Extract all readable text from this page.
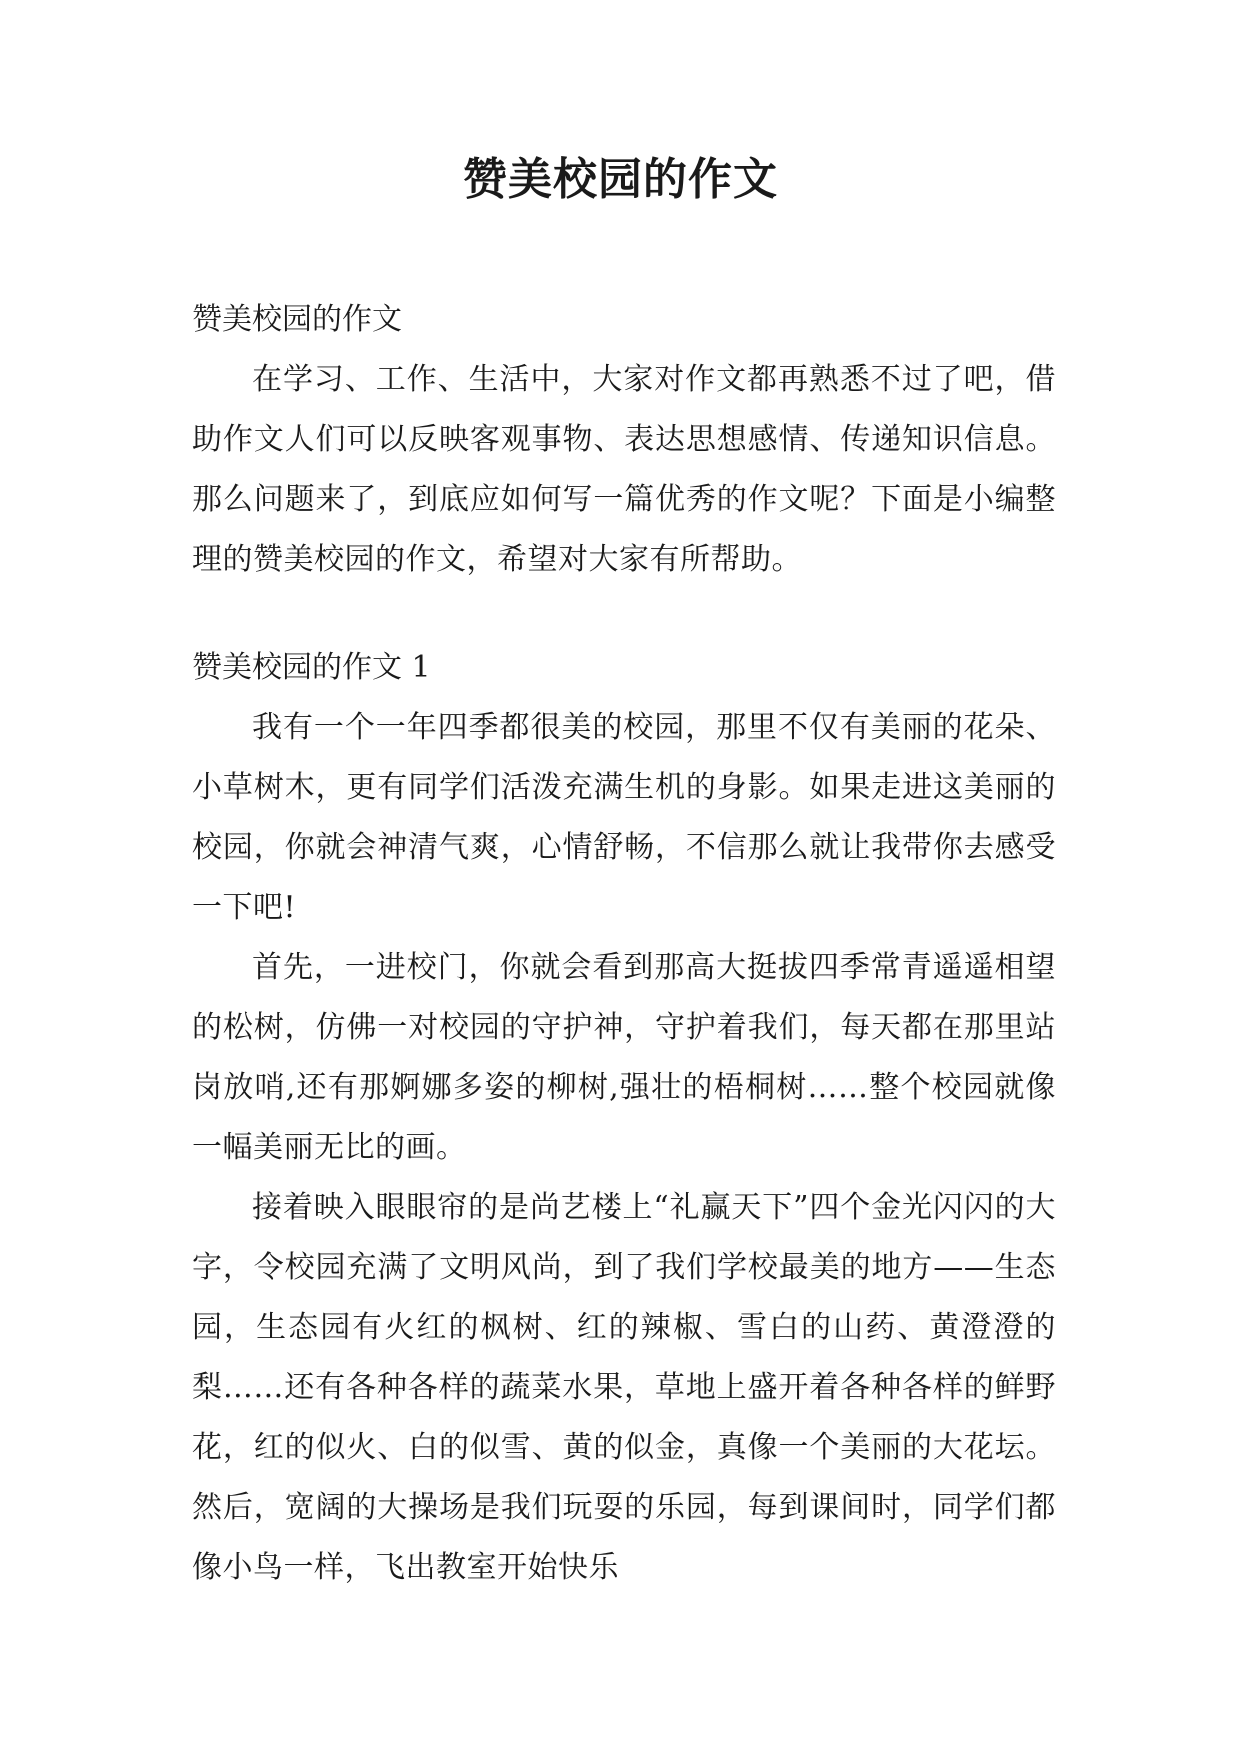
赞美校园的作文

赞美校园的作文

在学习、工作、生活中，大家对作文都再熟悉不过了吧，借助作文人们可以反映客观事物、表达思想感情、传递知识信息。那么问题来了，到底应如何写一篇优秀的作文呢？下面是小编整理的赞美校园的作文，希望对大家有所帮助。

赞美校园的作文 1

我有一个一年四季都很美的校园，那里不仅有美丽的花朵、小草树木，更有同学们活泼充满生机的身影。如果走进这美丽的校园，你就会神清气爽，心情舒畅，不信那么就让我带你去感受一下吧!

首先，一进校门，你就会看到那高大挺拔四季常青遥遥相望的松树，仿佛一对校园的守护神，守护着我们，每天都在那里站岗放哨,还有那婀娜多姿的柳树,强壮的梧桐树……整个校园就像一幅美丽无比的画。

接着映入眼眼帘的是尚艺楼上“礼赢天下”四个金光闪闪的大字，令校园充满了文明风尚，到了我们学校最美的地方——生态园，生态园有火红的枫树、红的辣椒、雪白的山药、黄澄澄的梨……还有各种各样的蔬菜水果，草地上盛开着各种各样的鲜野花，红的似火、白的似雪、黄的似金，真像一个美丽的大花坛。然后，宽阔的大操场是我们玩耍的乐园，每到课间时，同学们都像小鸟一样，飞出教室开始快乐
